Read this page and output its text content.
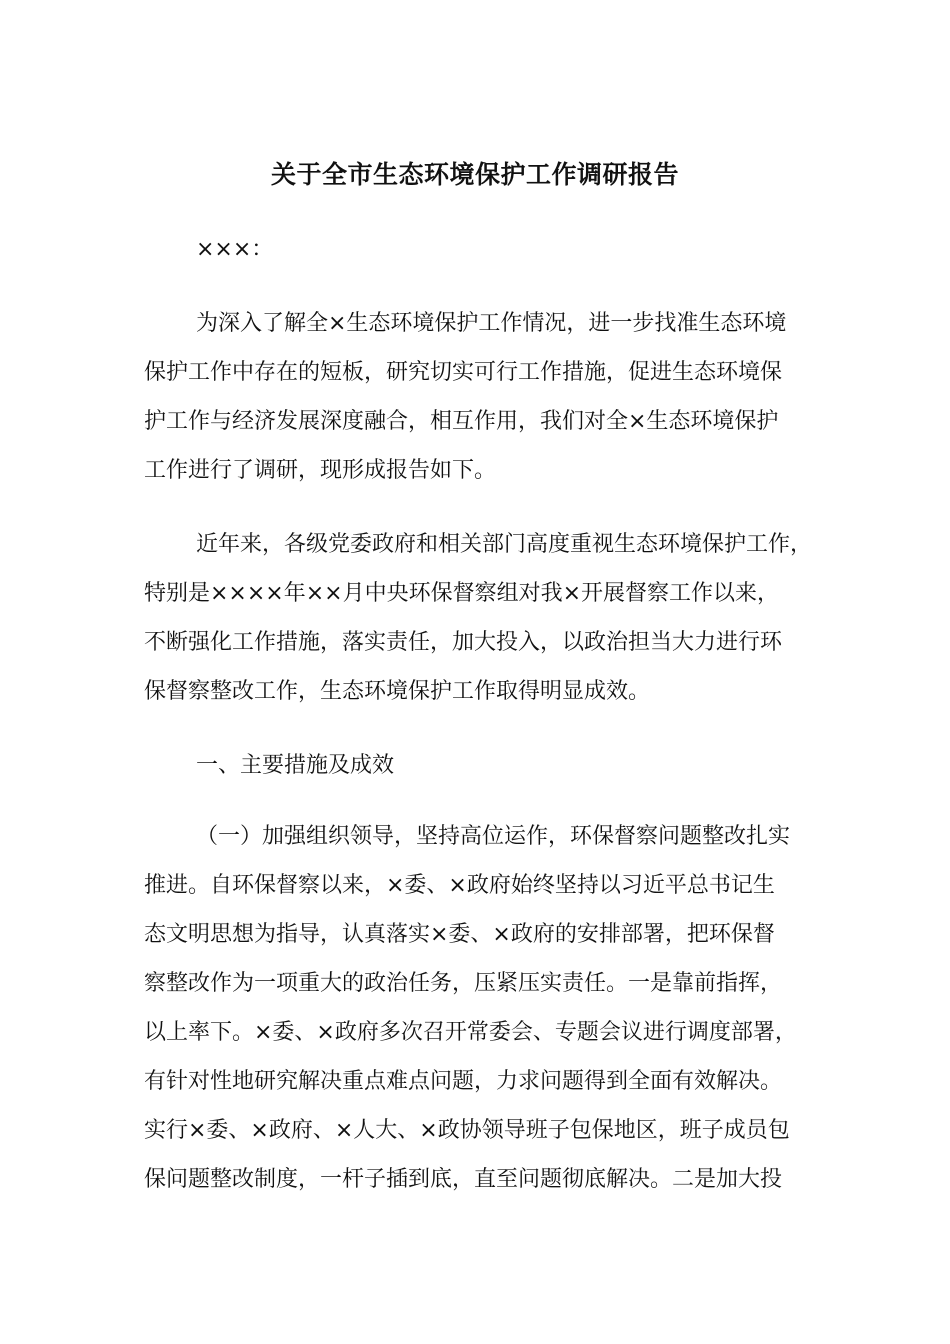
关于全市生态环境保护工作调研报告
×××：
为深入了解全×生态环境保护工作情况，进一步找准生态环境
保护工作中存在的短板，研究切实可行工作措施，促进生态环境保
护工作与经济发展深度融合，相互作用，我们对全×生态环境保护
工作进行了调研，现形成报告如下。
近年来，各级党委政府和相关部门高度重视生态环境保护工作，
特别是××××年××月中央环保督察组对我×开展督察工作以来，
不断强化工作措施，落实责任，加大投入，以政治担当大力进行环
保督察整改工作，生态环境保护工作取得明显成效。
一、主要措施及成效
（一）加强组织领导，坚持高位运作，环保督察问题整改扎实
推进。自环保督察以来，×委、×政府始终坚持以习近平总书记生
态文明思想为指导，认真落实×委、×政府的安排部署，把环保督
察整改作为一项重大的政治任务，压紧压实责任。一是靠前指挥，
以上率下。×委、×政府多次召开常委会、专题会议进行调度部署，
有针对性地研究解决重点难点问题，力求问题得到全面有效解决。
实行×委、×政府、×人大、×政协领导班子包保地区，班子成员包
保问题整改制度，一杆子插到底，直至问题彻底解决。二是加大投
